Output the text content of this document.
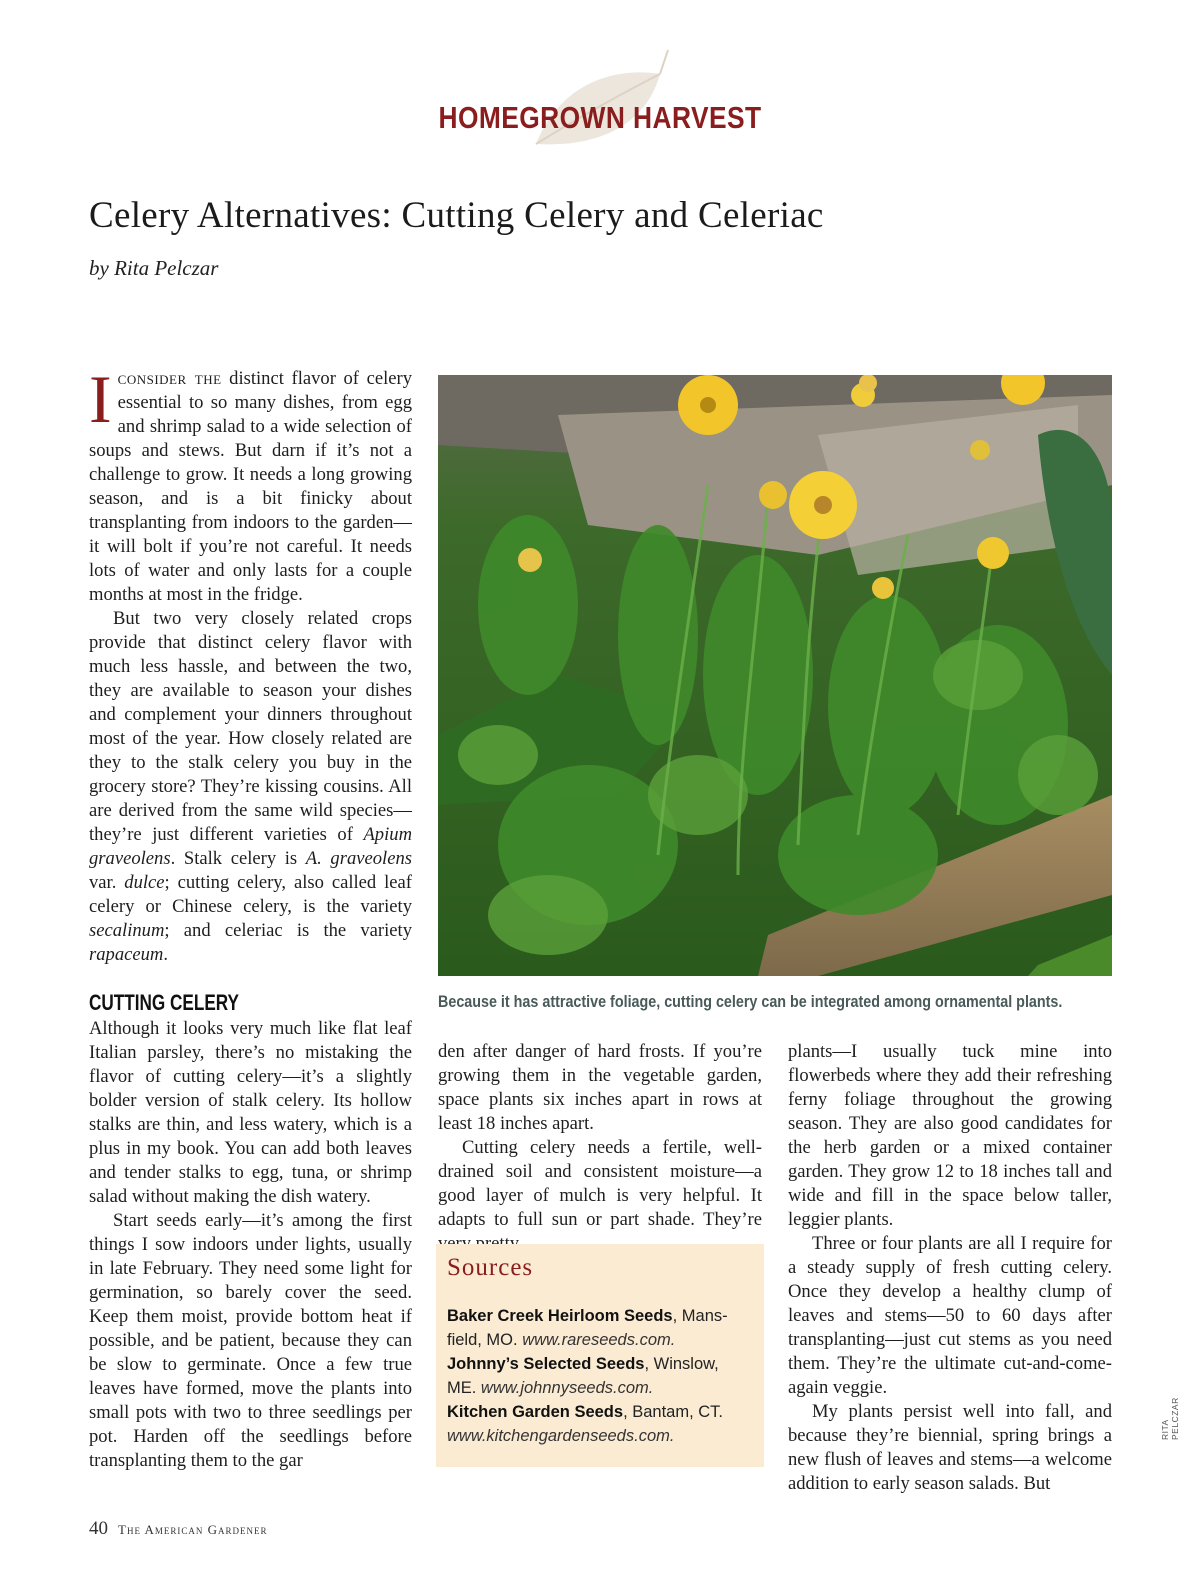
HOMEGROWN HARVEST
Celery Alternatives: Cutting Celery and Celeriac
by Rita Pelczar

Iconsider the distinct flavor of celery essential to so many dishes, from egg and shrimp salad to a wide selection of soups and stews. But darn if it’s not a challenge to grow. It needs a long growing season, and is a bit finicky about transplanting from indoors to the garden—it will bolt if you’re not careful. It needs lots of water and only lasts for a couple months at most in the fridge.

But two very closely related crops provide that distinct celery flavor with much less hassle, and between the two, they are available to season your dishes and complement your dinners throughout most of the year. How closely related are they to the stalk celery you buy in the grocery store? They’re kissing cousins. All are derived from the same wild species—they’re just different varieties of Apium graveolens. Stalk celery is A. graveolens var. dulce; cutting celery, also called leaf celery or Chinese celery, is the variety secalinum; and celeriac is the variety rapaceum.

CUTTING CELERY

Although it looks very much like flat leaf Italian parsley, there’s no mistaking the flavor of cutting celery—it’s a slightly bolder version of stalk celery. Its hollow stalks are thin, and less watery, which is a plus in my book. You can add both leaves and tender stalks to egg, tuna, or shrimp salad without making the dish watery.

Start seeds early—it’s among the first things I sow indoors under lights, usually in late February. They need some light for germination, so barely cover the seed. Keep them moist, provide bottom heat if possible, and be patient, because they can be slow to germinate. Once a few true leaves have formed, move the plants into small pots with two to three seedlings per pot. Harden off the seedlings before transplanting them to the gar

Because it has attractive foliage, cutting celery can be integrated among ornamental plants.

den after danger of hard frosts. If you’re growing them in the vegetable garden, space plants six inches apart in rows at least 18 inches apart.

Cutting celery needs a fertile, well-drained soil and consistent moisture—a good layer of mulch is very helpful. It adapts to full sun or part shade. They’re

Sources
Baker Creek Heirloom Seeds, Mansfield, MO. www.rareseeds.com.
Johnny’s Selected Seeds, Winslow, ME. www.johnnyseeds.com.
Kitchen Garden Seeds, Bantam, CT. www.kitchengardenseeds.com.

plants—I usually tuck mine into flowerbeds where they add their refreshing ferny foliage throughout the growing season. They are also good candidates for the herb garden or a mixed container garden. They grow 12 to 18 inches tall and wide and fill in the space below taller, leggier plants.

Three or four plants are all I require for a steady supply of fresh cutting celery. Once they develop a healthy clump of leaves and stems—50 to 60 days after transplanting—just cut stems as you need them. They’re the ultimate cut-and-come-again veggie.

My plants persist well into fall, and because they’re biennial, spring brings a new flush of leaves and stems—a welcome addition to early season salads. But

RITA PELCZAR
40 The American Gardener
